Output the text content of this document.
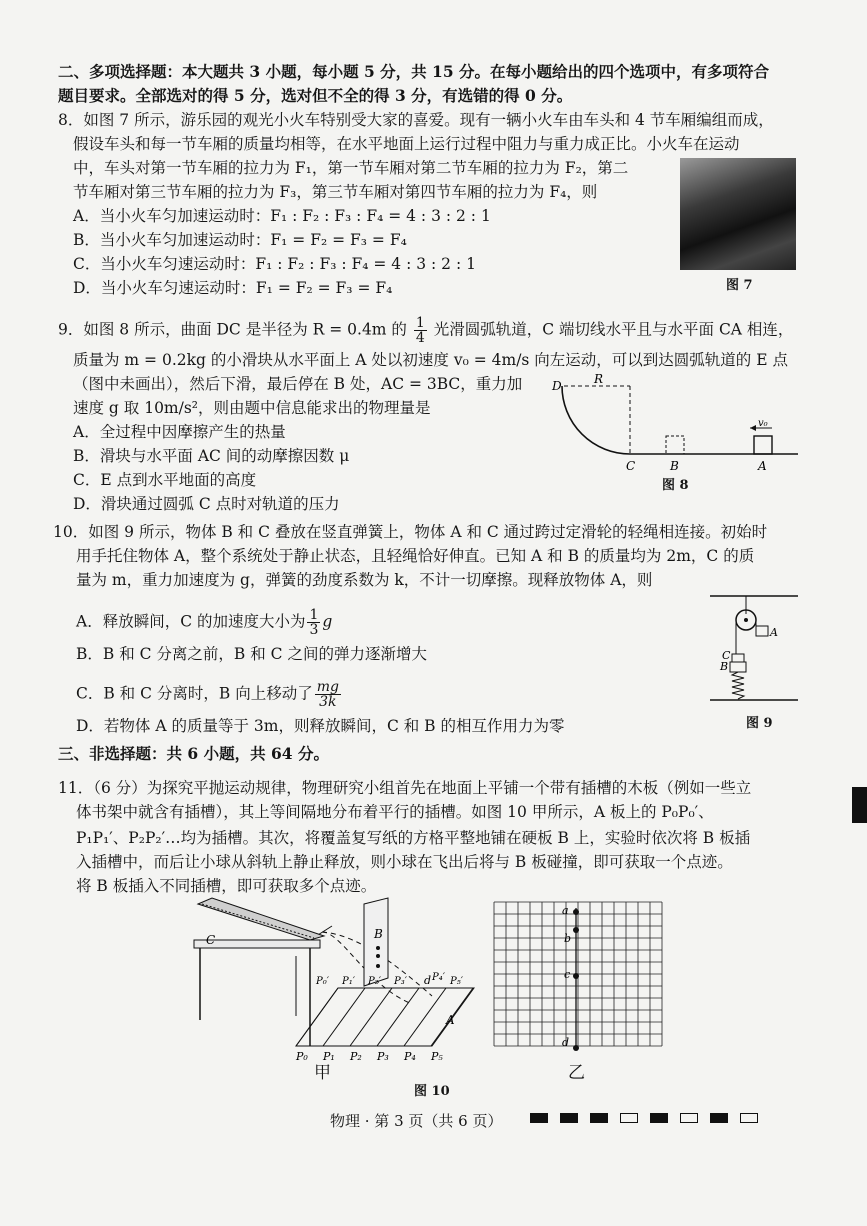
二、多项选择题：本大题共 3 小题，每小题 5 分，共 15 分。在每小题给出的四个选项中，有多项符合
题目要求。全部选对的得 5 分，选对但不全的得 3 分，有选错的得 0 分。
8．如图 7 所示，游乐园的观光小火车特别受大家的喜爱。现有一辆小火车由车头和 4 节车厢编组而成，
假设车头和每一节车厢的质量均相等，在水平地面上运行过程中阻力与重力成正比。小火车在运动
中，车头对第一节车厢的拉力为 F₁，第一节车厢对第二节车厢的拉力为 F₂，第二
节车厢对第三节车厢的拉力为 F₃，第三节车厢对第四节车厢的拉力为 F₄，则
A．当小火车匀加速运动时：F₁ : F₂ : F₃ : F₄ = 4 : 3 : 2 : 1
B．当小火车匀加速运动时：F₁ = F₂ = F₃ = F₄
C．当小火车匀速运动时：F₁ : F₂ : F₃ : F₄ = 4 : 3 : 2 : 1
D．当小火车匀速运动时：F₁ = F₂ = F₃ = F₄	图 7
9．如图 8 所示，曲面 DC 是半径为 R = 0.4m 的 $\frac{1}{4}$ 光滑圆弧轨道，C 端切线水平且与水平面 CA 相连，
质量为 m = 0.2kg 的小滑块从水平面上 A 处以初速度 v₀ = 4m/s 向左运动，可以到达圆弧轨道的 E 点
（图中未画出），然后下滑，最后停在 B 处，AC = 3BC，重力加
速度 g 取 10m/s²，则由题中信息能求出的物理量是
A．全过程中因摩擦产生的热量
B．滑块与水平面 AC 间的动摩擦因数 μ
C．E 点到水平地面的高度
D．滑块通过圆弧 C 点时对轨道的压力
D	R
C	B	A
v₀
图 8
10．如图 9 所示，物体 B 和 C 叠放在竖直弹簧上，物体 A 和 C 通过跨过定滑轮的轻绳相连接。初始时
用手托住物体 A，整个系统处于静止状态，且轻绳恰好伸直。已知 A 和 B 的质量均为 2m，C 的质
量为 m，重力加速度为 g，弹簧的劲度系数为 k，不计一切摩擦。现释放物体 A，则
A．释放瞬间，C 的加速度大小为 $\frac{1}{3}$ g
B．B 和 C 分离之前，B 和 C 之间的弹力逐渐增大
C．B 和 C 分离时，B 向上移动了 $\frac{mg}{3k}$
D．若物体 A 的质量等于 3m，则释放瞬间，C 和 B 的相互作用力为零
A
C
B
图 9
三、非选择题：共 6 小题，共 64 分。
11．（6 分）为探究平抛运动规律，物理研究小组首先在地面上平铺一个带有插槽的木板（例如一些立
体书架中就含有插槽），其上等间隔地分布着平行的插槽。如图 10 甲所示，A 板上的 P₀P₀′、
P₁P₁′、P₂P₂′…均为插槽。其次，将覆盖复写纸的方格平整地铺在硬板 B 上，实验时依次将 B 板插
入插槽中，而后让小球从斜轨上静止释放，则小球在飞出后将与 B 板碰撞，即可获取一个点迹。
将 B 板插入不同插槽，即可获取多个点迹。
C	B
A
d
P₀′ P₁′ P₂′ P₃′ P₄′ P₅′
P₀ P₁ P₂ P₃ P₄ P₅
甲
a
b
c
d
乙
图 10
物理 · 第 3 页（共 6 页）
